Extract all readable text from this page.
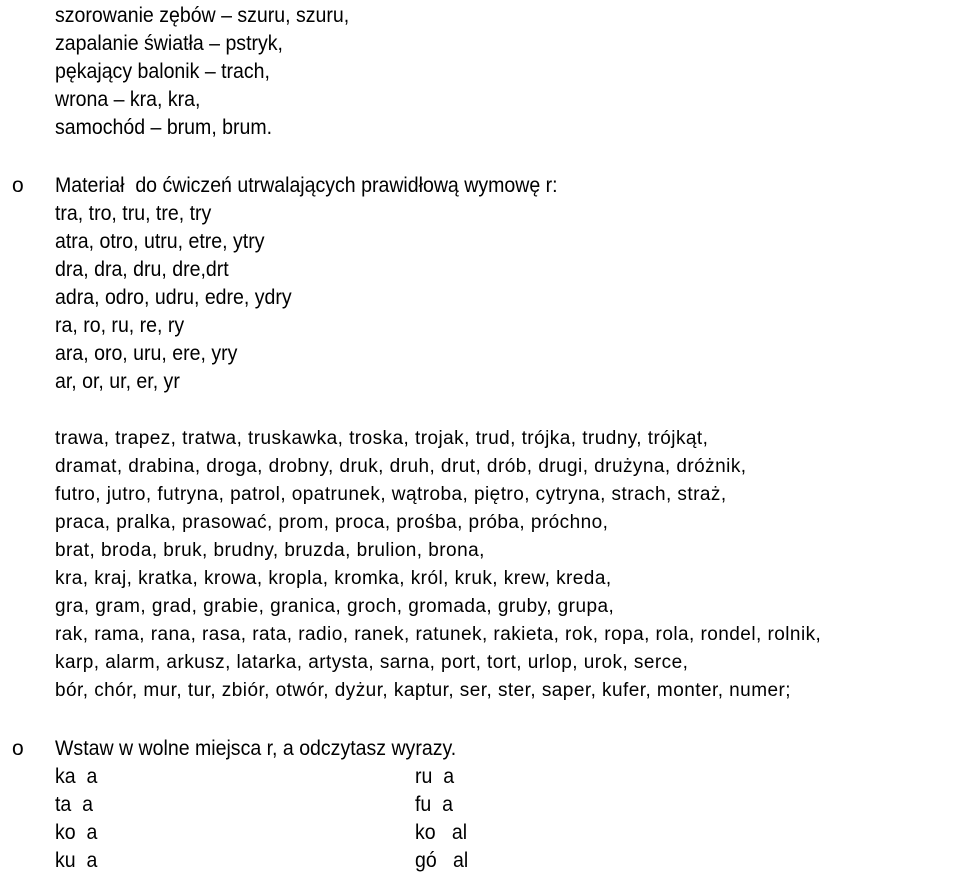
szorowanie zębów – szuru, szuru,
zapalanie światła – pstryk,
pękający balonik – trach,
wrona – kra, kra,
samochód – brum, brum.
o Materiał  do ćwiczeń utrwalających prawidłową wymowę r:
tra, tro, tru, tre, try
atra, otro, utru, etre, ytry
dra, dra, dru, dre,drt
adra, odro, udru, edre, ydry
ra, ro, ru, re, ry
ara, oro, uru, ere, yry
ar, or, ur, er, yr
trawa, trapez, tratwa, truskawka, troska, trojak, trud, trójka, trudny, trójkąt,
dramat, drabina, droga, drobny, druk, druh, drut, drób, drugi, drużyna, dróżnik,
futro, jutro, futryna, patrol, opatrunek, wątroba, piętro, cytryna, strach, straż,
praca, pralka, prasować, prom, proca, prośba, próba, próchno,
brat, broda, bruk, brudny, bruzda, brulion, brona,
kra, kraj, kratka, krowa, kropla, kromka, król, kruk, krew, kreda,
gra, gram, grad, grabie, granica, groch, gromada, gruby, grupa,
rak, rama, rana, rasa, rata, radio, ranek, ratunek, rakieta, rok, ropa, rola, rondel, rolnik,
karp, alarm, arkusz, latarka, artysta, sarna, port, tort, urlop, urok, serce,
bór, chór, mur, tur, zbiór, otwór, dyżur, kaptur, ser, ster, saper, kufer, monter, numer;
o Wstaw w wolne miejsca r, a odczytasz wyrazy.
ka  a
ta  a
ko  a
ku  a
ru  a
fu  a
ko   al
gó   al
